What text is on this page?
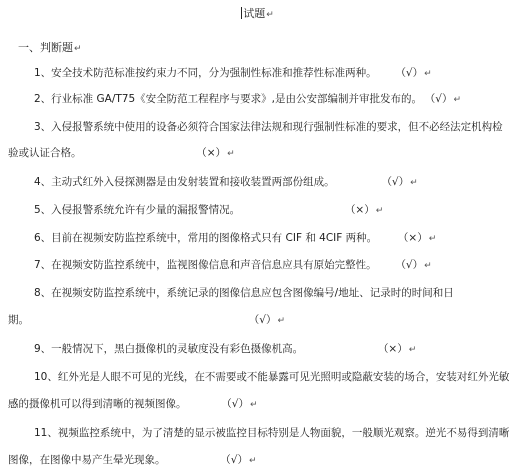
试题↵
一、判断题↵
1、安全技术防范标准按约束力不同，分为强制性标准和推荐性标准两种。 （√）↵
2、行业标准 GA/T75《安全防范工程程序与要求》,是由公安部编制并审批发布的。 （√）↵
3、入侵报警系统中使用的设备必须符合国家法律法规和现行强制性标准的要求，但不必经法定机构检
验或认证合格。	（×）↵
4、主动式红外入侵探测器是由发射装置和接收装置两部份组成。	（√）↵
5、入侵报警系统允许有少量的漏报警情况。	（×）↵
6、目前在视频安防监控系统中，常用的图像格式只有 CIF 和 4CIF 两种。 （×）↵
7、在视频安防监控系统中，监视图像信息和声音信息应具有原始完整性。 （√）↵
8、在视频安防监控系统中，系统记录的图像信息应包含图像编号/地址、记录时的时间和日
期。	（√）↵
9、一般情况下，黑白摄像机的灵敏度没有彩色摄像机高。	（×）↵
10、红外光是人眼不可见的光线，在不需要或不能暴露可见光照明或隐蔽安装的场合，安装对红外光敏
感的摄像机可以得到清晰的视频图像。	（√）↵
11、视频监控系统中，为了清楚的显示被监控目标特别是人物面貌，一般顺光观察。逆光不易得到清晰
图像，在图像中易产生晕光现象。	（√）↵
